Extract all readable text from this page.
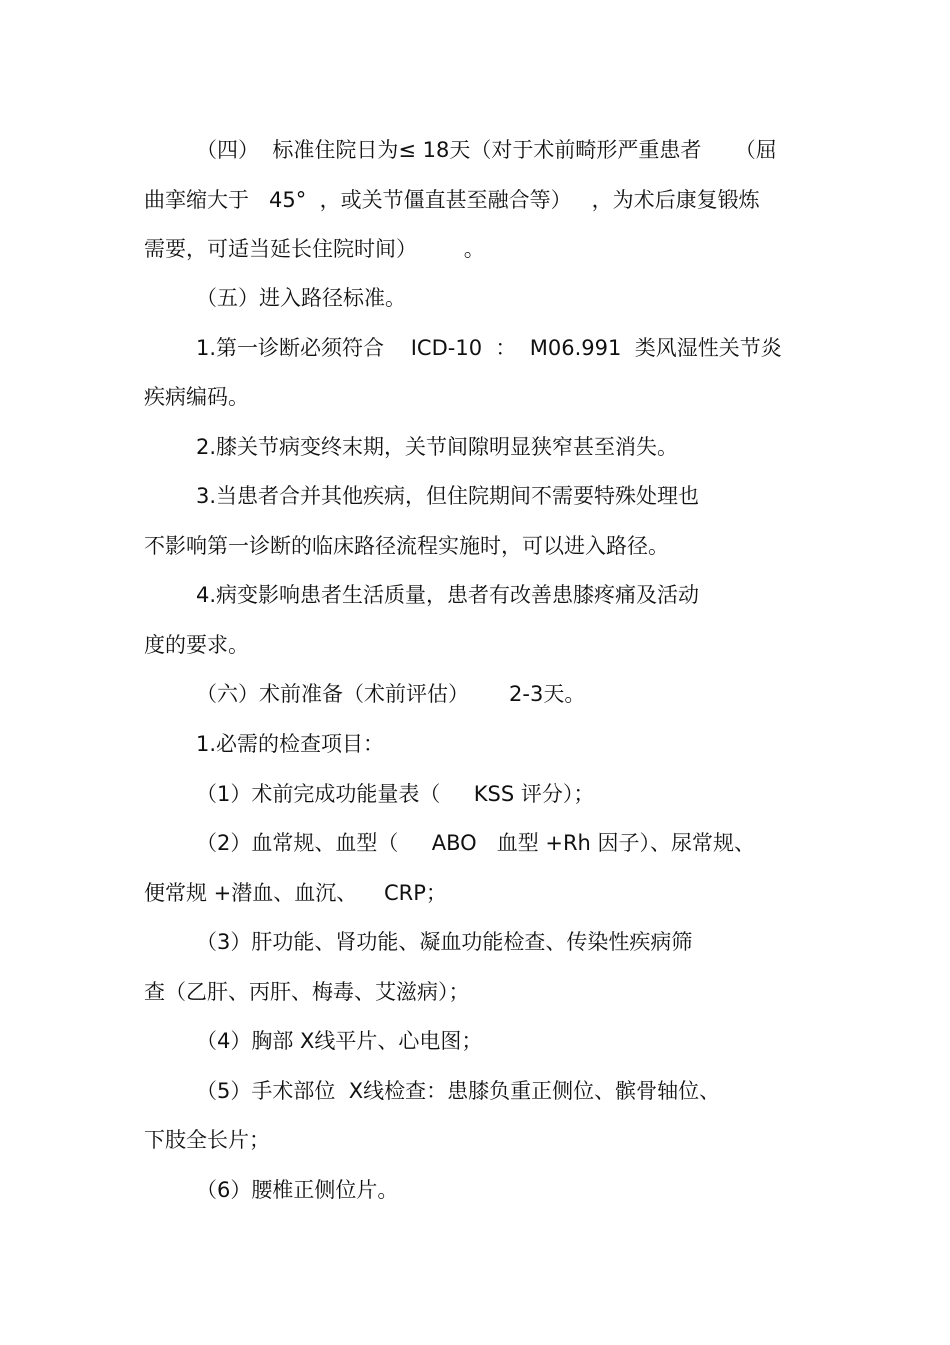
（四）  标准住院日为≤ 18天（对于术前畸形严重患者     （屈
曲挛缩大于   45°  ，或关节僵直甚至融合等）   ，为术后康复锻炼
需要，可适当延长住院时间）       。
（五）进入路径标准。
1.第一诊断必须符合    ICD-10  ：  M06.991  类风湿性关节炎
疾病编码。
2.膝关节病变终末期，关节间隙明显狭窄甚至消失。
3.当患者合并其他疾病，但住院期间不需要特殊处理也
不影响第一诊断的临床路径流程实施时，可以进入路径。
4.病变影响患者生活质量，患者有改善患膝疼痛及活动
度的要求。
（六）术前准备（术前评估）      2-3天。
1.必需的检查项目：
（1）术前完成功能量表（     KSS 评分）；
（2）血常规、血型（     ABO   血型 +Rh 因子）、尿常规、
便常规 +潜血、血沉、    CRP；
（3）肝功能、肾功能、凝血功能检查、传染性疾病筛
查（乙肝、丙肝、梅毒、艾滋病）；
（4）胸部 X线平片、心电图；
（5）手术部位  X线检查：患膝负重正侧位、髌骨轴位、
下肢全长片；
（6）腰椎正侧位片。
